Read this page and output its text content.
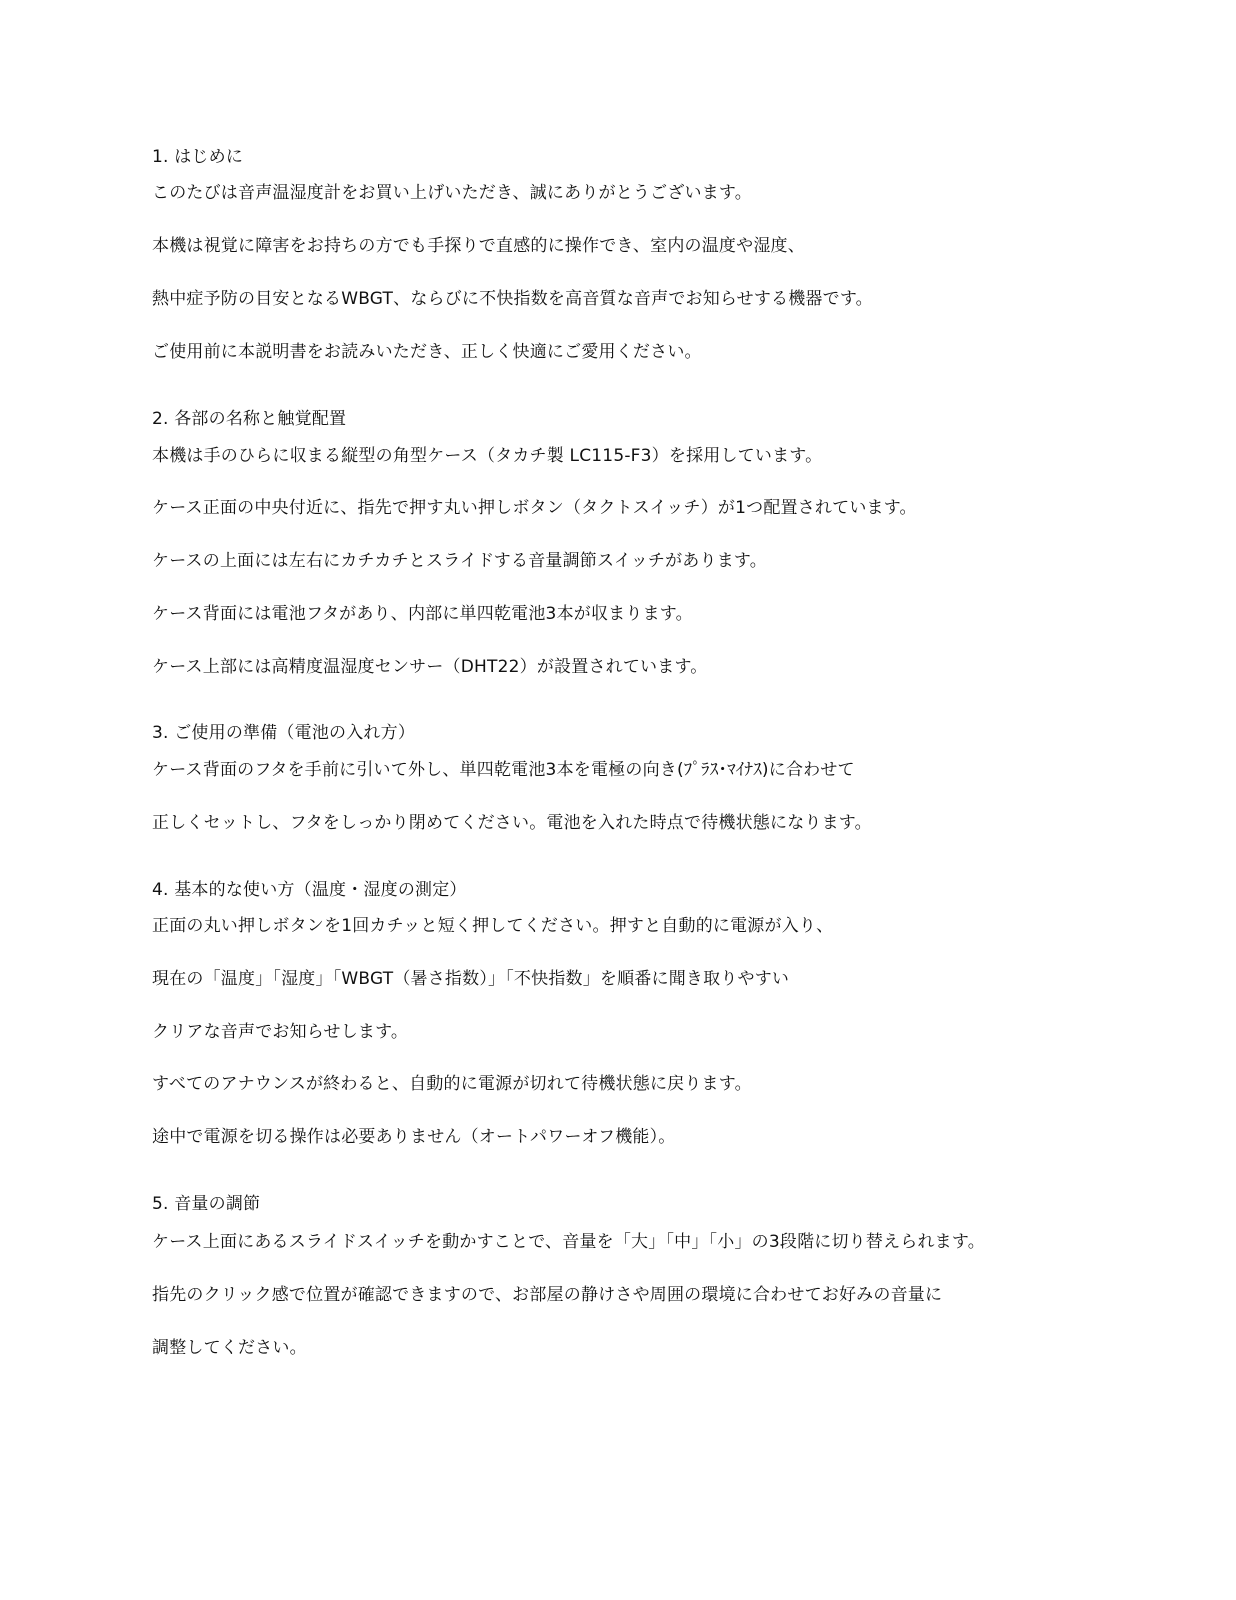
1. はじめに
このたびは音声温湿度計をお買い上げいただき、誠にありがとうございます。
本機は視覚に障害をお持ちの方でも手探りで直感的に操作でき、室内の温度や湿度、
熱中症予防の目安となるWBGT、ならびに不快指数を高音質な音声でお知らせする機器です。
ご使用前に本説明書をお読みいただき、正しく快適にご愛用ください。
2. 各部の名称と触覚配置
本機は手のひらに収まる縦型の角型ケース（タカチ製 LC115-F3）を採用しています。
ケース正面の中央付近に、指先で押す丸い押しボタン（タクトスイッチ）が1つ配置されています。
ケースの上面には左右にカチカチとスライドする音量調節スイッチがあります。
ケース背面には電池フタがあり、内部に単四乾電池3本が収まります。
ケース上部には高精度温湿度センサー（DHT22）が設置されています。
3. ご使用の準備（電池の入れ方）
ケース背面のフタを手前に引いて外し、単四乾電池3本を電極の向き(ﾌﾟﾗｽ･ﾏｲﾅｽ)に合わせて
正しくセットし、フタをしっかり閉めてください。電池を入れた時点で待機状態になります。
4. 基本的な使い方（温度・湿度の測定）
正面の丸い押しボタンを1回カチッと短く押してください。押すと自動的に電源が入り、
現在の「温度」「湿度」「WBGT（暑さ指数）」「不快指数」を順番に聞き取りやすい
クリアな音声でお知らせします。
すべてのアナウンスが終わると、自動的に電源が切れて待機状態に戻ります。
途中で電源を切る操作は必要ありません（オートパワーオフ機能）。
5. 音量の調節
ケース上面にあるスライドスイッチを動かすことで、音量を「大」「中」「小」の3段階に切り替えられます。
指先のクリック感で位置が確認できますので、お部屋の静けさや周囲の環境に合わせてお好みの音量に
調整してください。
